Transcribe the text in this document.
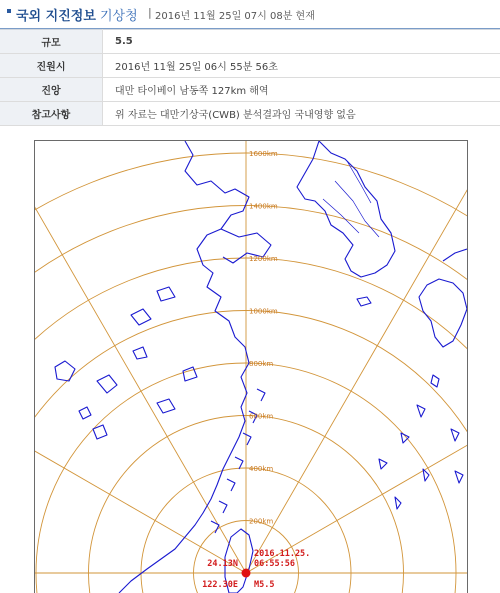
국외 지진정보 기상청 | 2016년 11월 25일 07시 08분 현재
규모	5.5
진원시	2016년 11월 25일 06시 55분 56초
진앙	대만 타이베이 남동쪽 127km 해역
참고사항	위 자료는 대만기상국(CWB) 분석결과임 국내영향 없음
200km
400km
600km
800km
1000km
1200km
1400km
1600km
2016.11.25.
06:55:56
24.13N
122.30E M5.5
